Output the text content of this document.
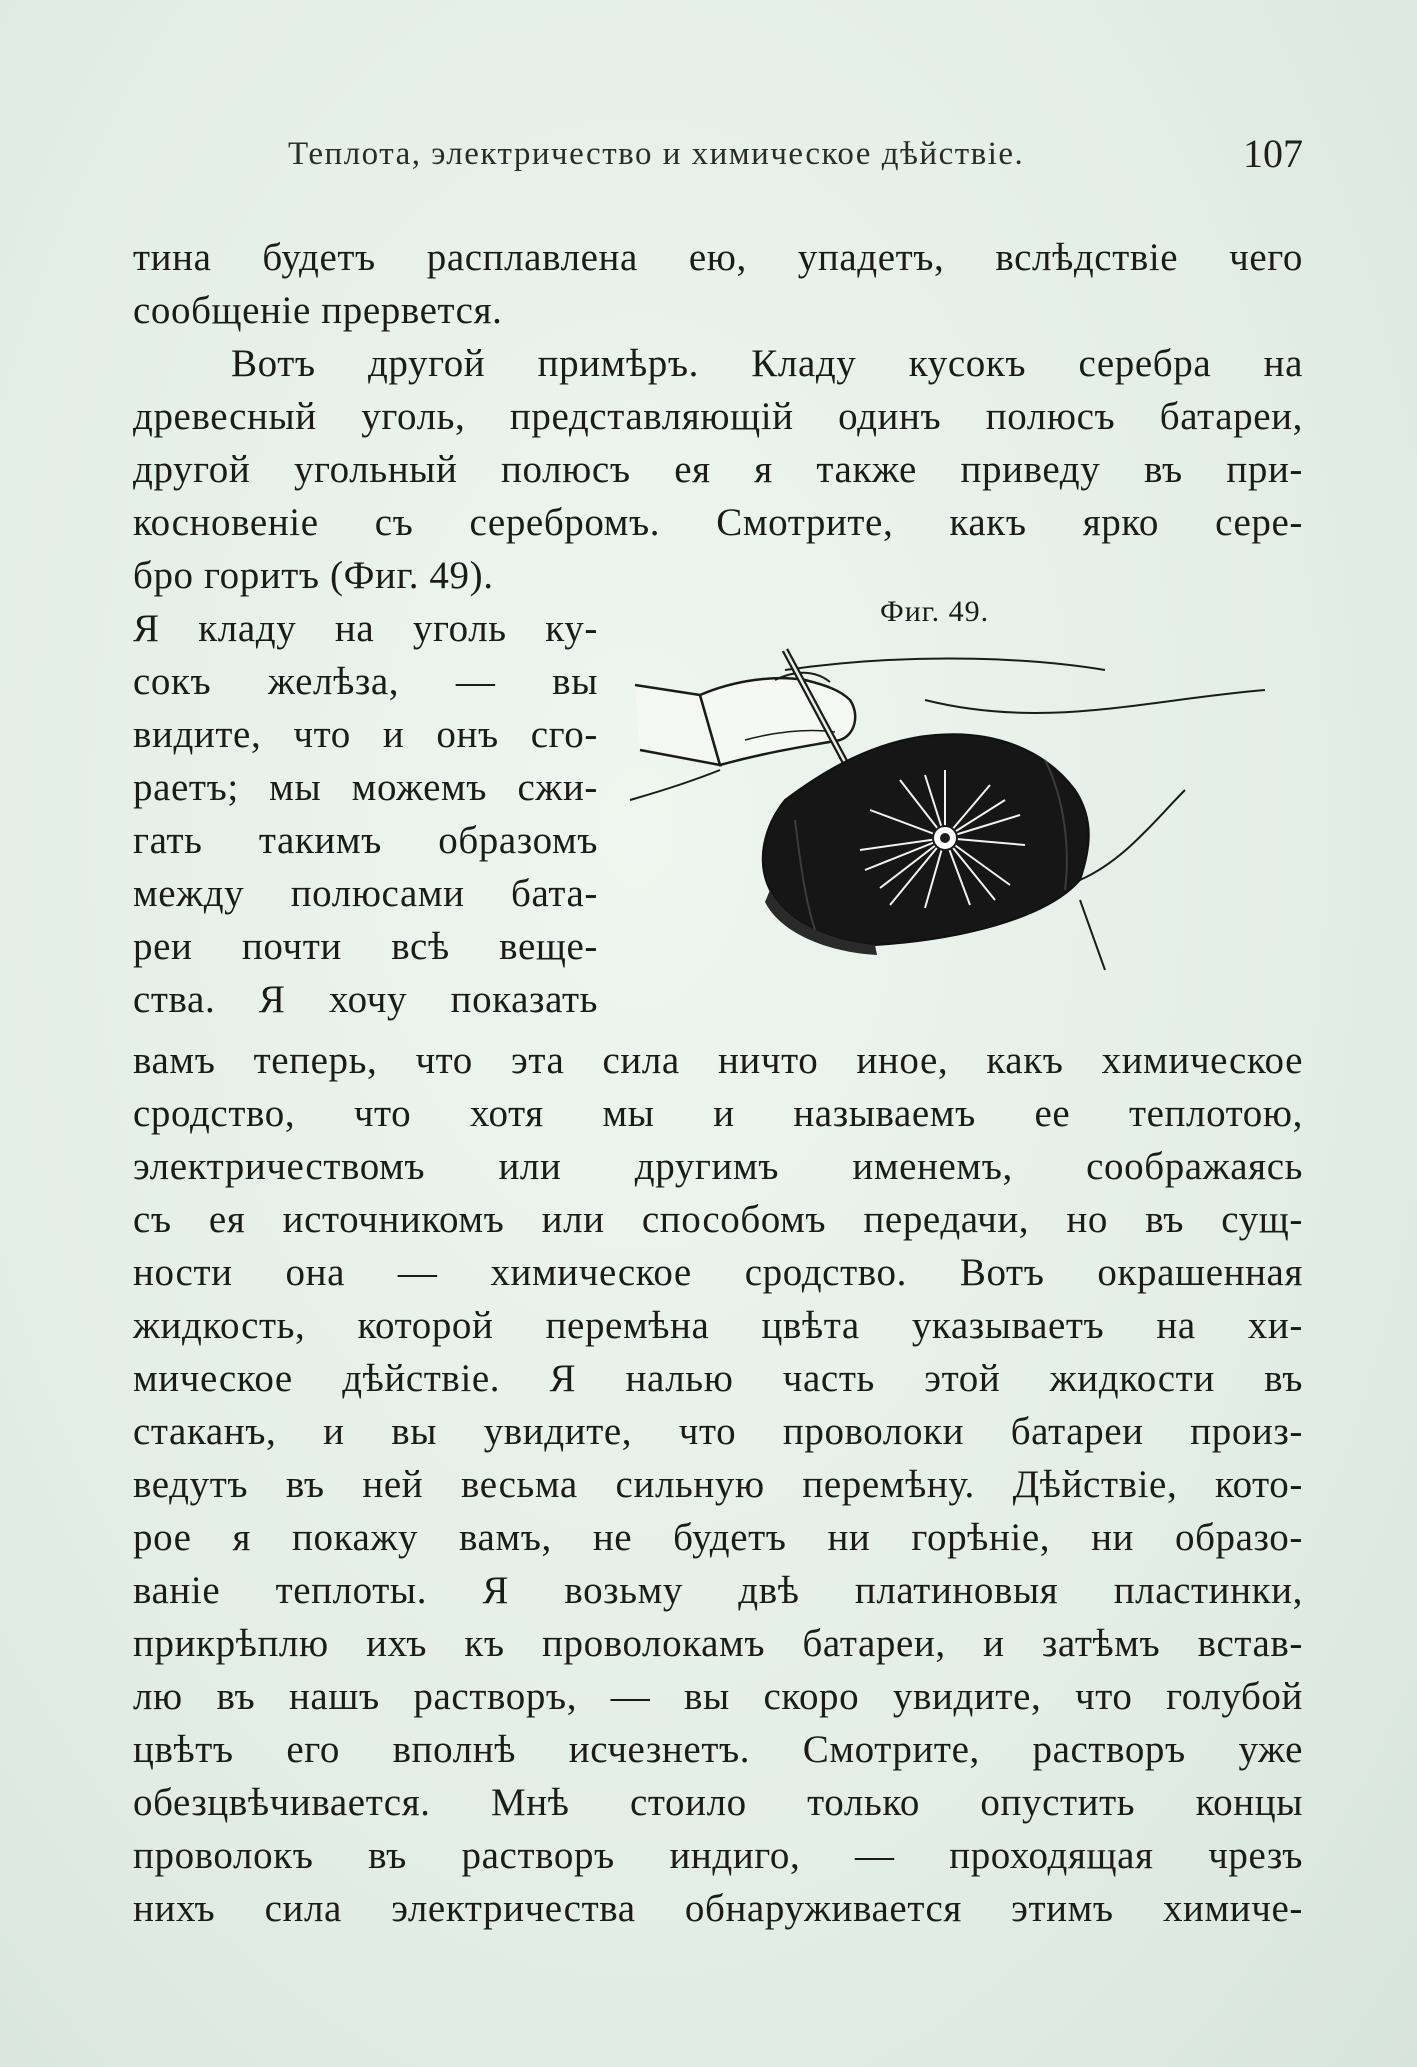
Теплота, электричество и химическое дѣйствіе.	107
тина будетъ расплавлена ею, упадетъ, вслѣдствіе чего
сообщеніе прервется.
Вотъ другой примѣръ. Кладу кусокъ серебра на
древесный уголь, представляющій одинъ полюсъ батареи,
другой угольный полюсъ ея я также приведу въ при-
косновеніе съ серебромъ. Смотрите, какъ ярко сере-
бро горитъ (Фиг. 49).
Я кладу на уголь ку-
сокъ желѣза, — вы
видите, что и онъ сго-
раетъ; мы можемъ сжи-
гать такимъ образомъ
между полюсами бата-
реи почти всѣ веще-
ства. Я хочу показать
вамъ теперь, что эта сила ничто иное, какъ химическое
сродство, что хотя мы и называемъ ее теплотою,
электричествомъ или другимъ именемъ, соображаясь
съ ея источникомъ или способомъ передачи, но въ сущ-
ности она — химическое сродство. Вотъ окрашенная
жидкость, которой перемѣна цвѣта указываетъ на хи-
мическое дѣйствіе. Я налью часть этой жидкости въ
стаканъ, и вы увидите, что проволоки батареи произ-
ведутъ въ ней весьма сильную перемѣну. Дѣйствіе, кото-
рое я покажу вамъ, не будетъ ни горѣніе, ни образо-
ваніе теплоты. Я возьму двѣ платиновыя пластинки,
прикрѣплю ихъ къ проволокамъ батареи, и затѣмъ встав-
лю въ нашъ растворъ, — вы скоро увидите, что голубой
цвѣтъ его вполнѣ исчезнетъ. Смотрите, растворъ уже
обезцвѣчивается. Мнѣ стоило только опустить концы
проволокъ въ растворъ индиго, — проходящая чрезъ
нихъ сила электричества обнаруживается этимъ химиче-
Фиг. 49.
